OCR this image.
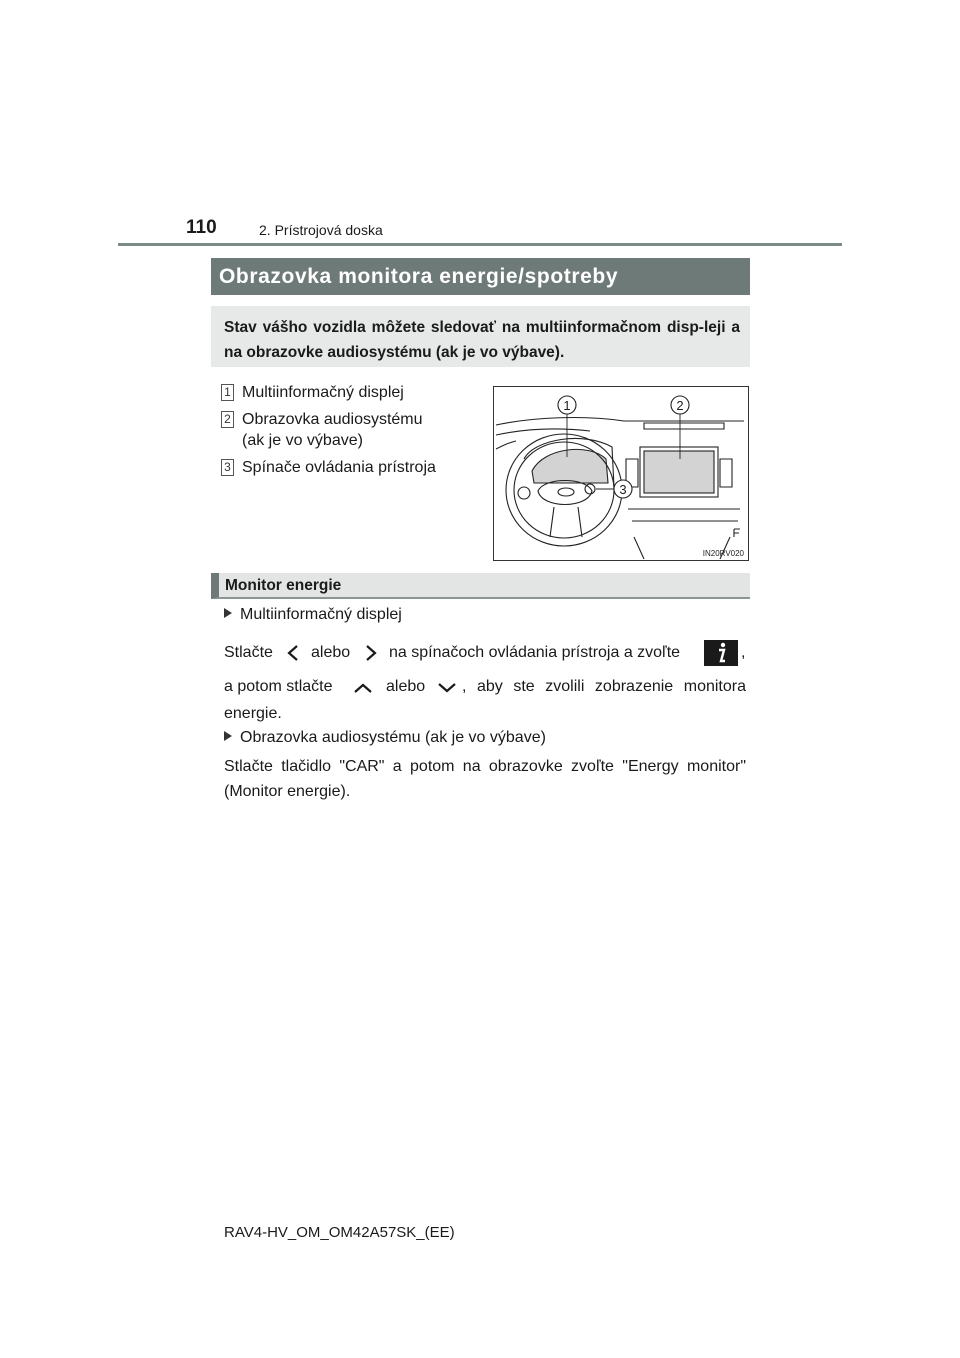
110	2. Prístrojová doska
Obrazovka monitora energie/spotreby
Stav vášho vozidla môžete sledovať na multiinformačnom disp-leji a na obrazovke audiosystému (ak je vo výbave).
1 Multiinformačný displej
2 Obrazovka audiosystému
(ak je vo výbave)
3 Spínače ovládania prístroja
1	2
3
IN20RV020
Monitor energie
Multiinformačný displej
Stlačte alebo na spínačoch ovládania prístroja a zvoľte	,
a potom stlačte	alebo , aby ste zvolili zobrazenie monitora
energie.
Obrazovka audiosystému (ak je vo výbave)
Stlačte tlačidlo "CAR" a potom na obrazovke zvoľte "Energy monitor" (Monitor energie).
RAV4-HV_OM_OM42A57SK_(EE)
